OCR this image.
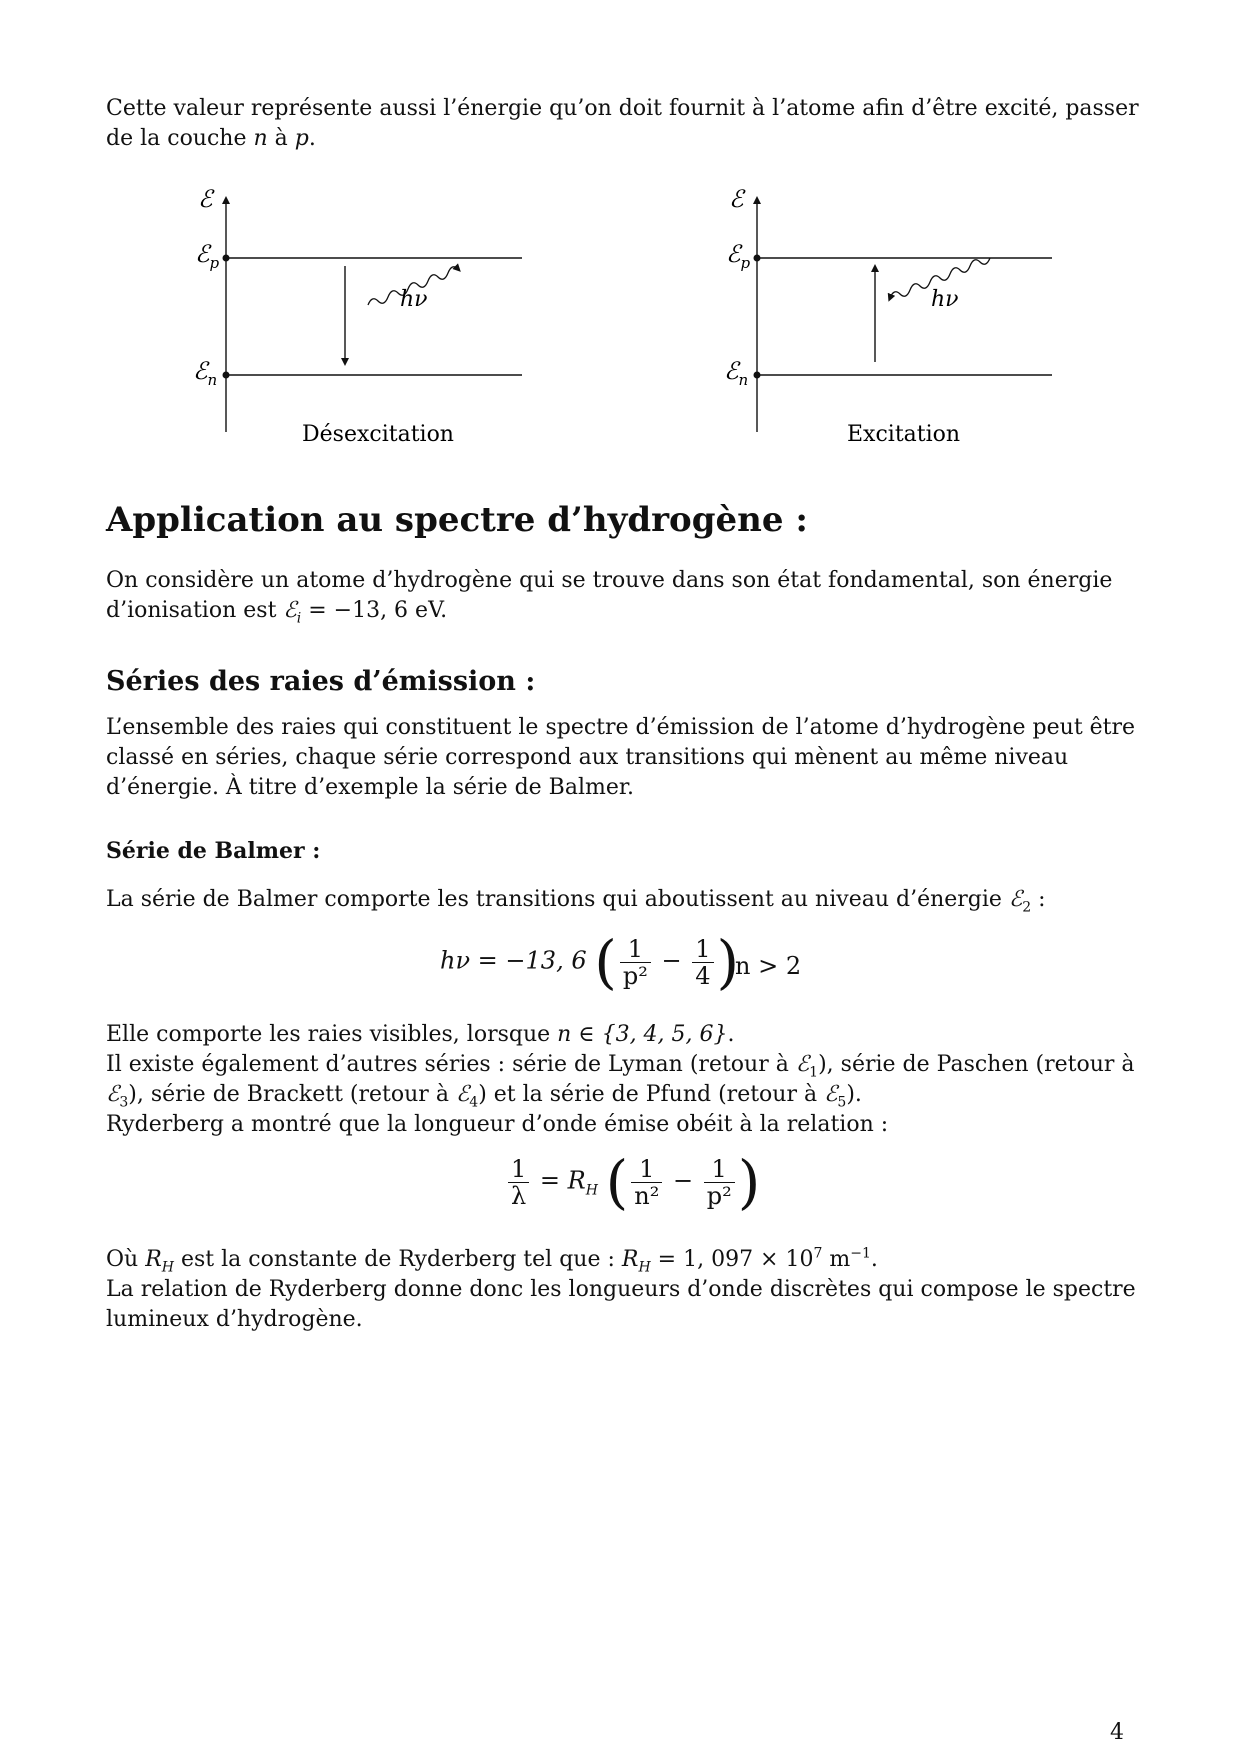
Cette valeur représente aussi l’énergie qu’on doit fournit à l’atome afin d’être excité, passer de la couche n à p.

ℰ
ℰ$_p$
ℰ$_n$
hν
Désexcitation
ℰ
ℰ$_p$
ℰ$_n$
hν
Excitation
Application au spectre d’hydrogène :

On considère un atome d’hydrogène qui se trouve dans son état fondamental, son énergie d’ionisation est ℰ$_i$ = −13, 6 eV.

Séries des raies d’émission :

L’ensemble des raies qui constituent le spectre d’émission de l’atome d’hydrogène peut être classé en séries, chaque série correspond aux transitions qui mènent au même niveau d’énergie. À titre d’exemple la série de Balmer.

Série de Balmer :

La série de Balmer comporte les transitions qui aboutissent au niveau d’énergie ℰ$_2$ :

hν = −13, 6 ( $\frac{1}{\text{p²}} - \frac{1}{4}$ )
n > 2

Elle comporte les raies visibles, lorsque n ∈ {3, 4, 5, 6}.

Il existe également d’autres séries : série de Lyman (retour à ℰ$_1$), série de Paschen (retour à ℰ$_3$), série de Brackett (retour à ℰ$_4$) et la série de Pfund (retour à ℰ$_5$).

Ryderberg a montré que la longueur d’onde émise obéit à la relation :

$\frac{1}{\lambda} = R_H$ ( $\frac{1}{\text{n²}} - \frac{1}{\text{p²}}$ )

Où $R_H$ est la constante de Ryderberg tel que : $R_H = 1$, $097 \times 10^7$ $m^{-1}$.

La relation de Ryderberg donne donc les longueurs d’onde discrètes qui compose le spectre lumineux d’hydrogène.

4
